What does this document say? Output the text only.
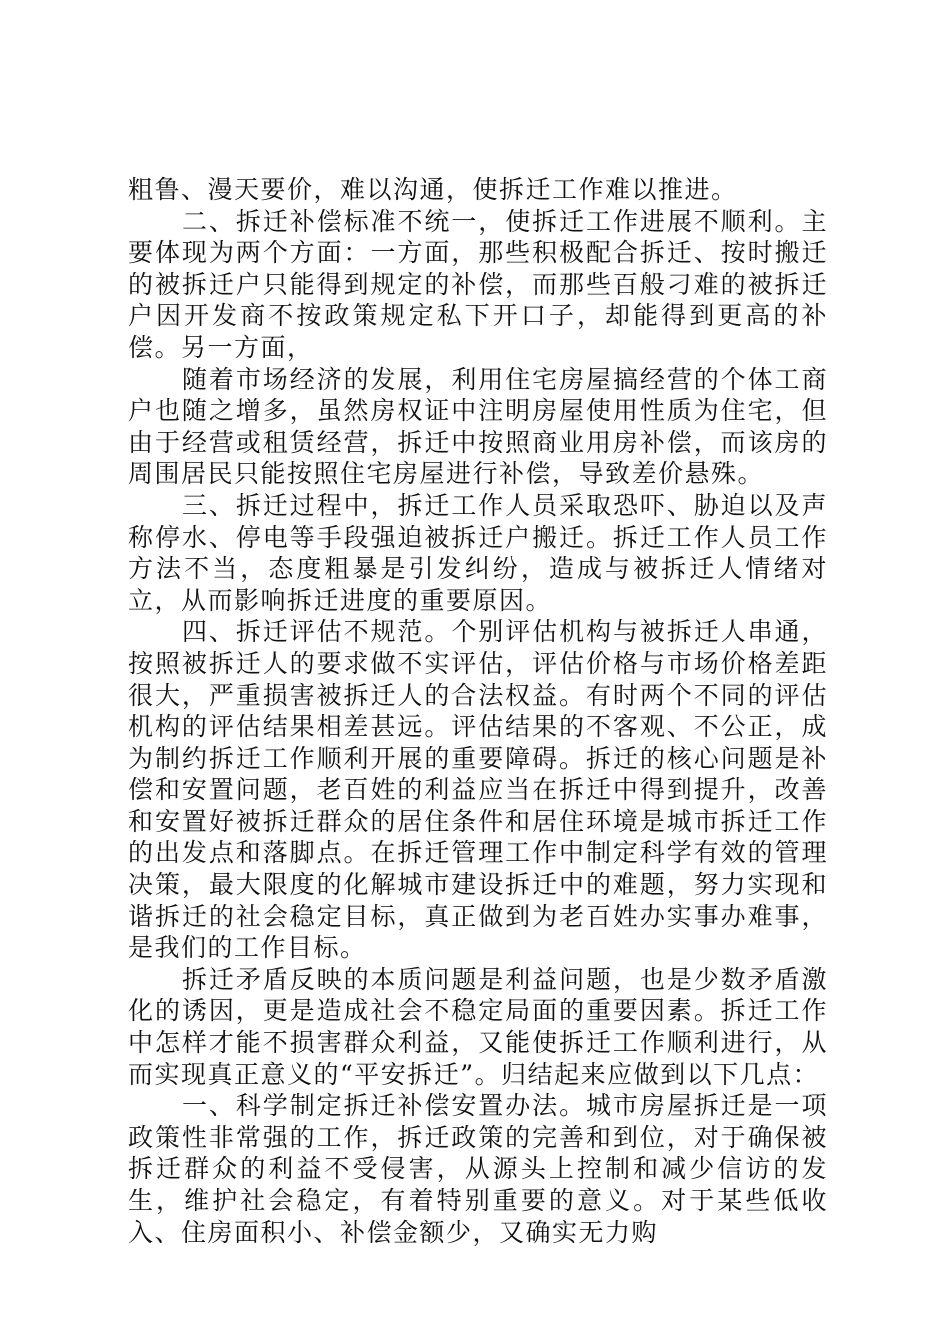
粗鲁、漫天要价，难以沟通，使拆迁工作难以推进。

二、拆迁补偿标准不统一，使拆迁工作进展不顺利。主要体现为两个方面：一方面，那些积极配合拆迁、按时搬迁的被拆迁户只能得到规定的补偿，而那些百般刁难的被拆迁户因开发商不按政策规定私下开口子，却能得到更高的补偿。另一方面，

随着市场经济的发展，利用住宅房屋搞经营的个体工商户也随之增多，虽然房权证中注明房屋使用性质为住宅，但由于经营或租赁经营，拆迁中按照商业用房补偿，而该房的周围居民只能按照住宅房屋进行补偿，导致差价悬殊。

三、拆迁过程中，拆迁工作人员采取恐吓、胁迫以及声称停水、停电等手段强迫被拆迁户搬迁。拆迁工作人员工作方法不当，态度粗暴是引发纠纷，造成与被拆迁人情绪对立，从而影响拆迁进度的重要原因。

四、拆迁评估不规范。个别评估机构与被拆迁人串通，按照被拆迁人的要求做不实评估，评估价格与市场价格差距很大，严重损害被拆迁人的合法权益。有时两个不同的评估机构的评估结果相差甚远。评估结果的不客观、不公正，成为制约拆迁工作顺利开展的重要障碍。拆迁的核心问题是补偿和安置问题，老百姓的利益应当在拆迁中得到提升，改善和安置好被拆迁群众的居住条件和居住环境是城市拆迁工作的出发点和落脚点。在拆迁管理工作中制定科学有效的管理决策，最大限度的化解城市建设拆迁中的难题，努力实现和谐拆迁的社会稳定目标，真正做到为老百姓办实事办难事，是我们的工作目标。

拆迁矛盾反映的本质问题是利益问题，也是少数矛盾激化的诱因，更是造成社会不稳定局面的重要因素。拆迁工作中怎样才能不损害群众利益，又能使拆迁工作顺利进行，从而实现真正意义的“平安拆迁”。归结起来应做到以下几点：

一、科学制定拆迁补偿安置办法。城市房屋拆迁是一项政策性非常强的工作，拆迁政策的完善和到位，对于确保被拆迁群众的利益不受侵害，从源头上控制和减少信访的发生，维护社会稳定，有着特别重要的意义。对于某些低收入、住房面积小、补偿金额少，又确实无力购
